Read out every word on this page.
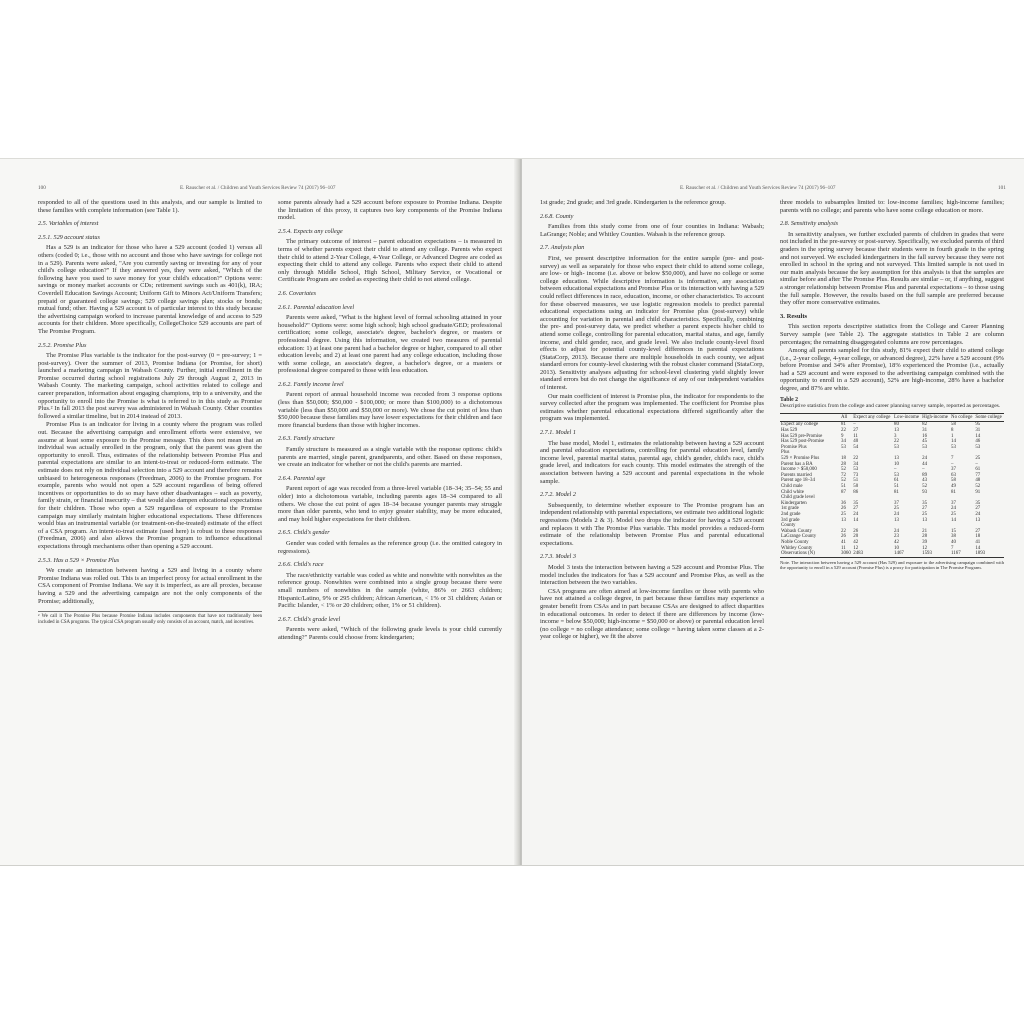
100	E. Rauscher et al. / Children and Youth Services Review 74 (2017) 96–107

responded to all of the questions used in this analysis, and our sample is limited to these families with complete information (see Table 1).

2.5. Variables of interest
2.5.1. 529 account status

Has a 529 is an indicator for those who have a 529 account (coded 1) versus all others (coded 0; i.e., those with no account and those who have savings for college not in a 529). Parents were asked, "Are you currently saving or investing for any of your child's college education?" If they answered yes, they were asked, "Which of the following have you used to save money for your child's education?" Options were: savings or money market accounts or CDs; retirement savings such as 401(k), IRA; Coverdell Education Savings Account; Uniform Gift to Minors Act/Uniform Transfers; prepaid or guaranteed college savings; 529 college savings plan; stocks or bonds; mutual fund; other. Having a 529 account is of particular interest to this study because the advertising campaign worked to increase parental knowledge of and access to 529 accounts for their children. More specifically, CollegeChoice 529 accounts are part of The Promise Program.

2.5.2. Promise Plus

The Promise Plus variable is the indicator for the post-survey (0 = pre-survey; 1 = post-survey). Over the summer of 2013, Promise Indiana (or Promise, for short) launched a marketing campaign in Wabash County. Further, initial enrollment in the Promise occurred during school registrations July 29 through August 2, 2013 in Wabash County. The marketing campaign, school activities related to college and career preparation, information about engaging champions, trip to a university, and the opportunity to enroll into the Promise is what is referred to in this study as Promise Plus.² In fall 2013 the post survey was administered in Wabash County. Other counties followed a similar timeline, but in 2014 instead of 2013.

Promise Plus is an indicator for living in a county where the program was rolled out. Because the advertising campaign and enrollment efforts were extensive, we assume at least some exposure to the Promise message. This does not mean that an individual was actually enrolled in the program, only that the parent was given the opportunity to enroll. Thus, estimates of the relationship between Promise Plus and parental expectations are similar to an intent-to-treat or reduced-form estimate. The estimate does not rely on individual selection into a 529 account and therefore remains unbiased to heterogeneous responses (Freedman, 2006) to the Promise program. For example, parents who would not open a 529 account regardless of being offered incentives or opportunities to do so may have other disadvantages – such as poverty, family strain, or financial insecurity – that would also dampen educational expectations for their children. Those who open a 529 regardless of exposure to the Promise campaign may similarly maintain higher educational expectations. These differences would bias an instrumental variable (or treatment-on-the-treated) estimate of the effect of a CSA program. An intent-to-treat estimate (used here) is robust to these responses (Freedman, 2006) and also allows the Promise program to influence educational expectations through mechanisms other than opening a 529 account.

2.5.3. Has a 529 × Promise Plus

We create an interaction between having a 529 and living in a county where Promise Indiana was rolled out. This is an imperfect proxy for actual enrollment in the CSA component of Promise Indiana. We say it is imperfect, as are all proxies, because having a 529 and the advertising campaign are not the only components of the Promise; additionally,

² We call it The Promise Plus because Promise Indiana includes components that have not traditionally been included in CSA programs. The typical CSA program usually only consists of an account, match, and incentives.

some parents already had a 529 account before exposure to Promise Indiana. Despite the limitation of this proxy, it captures two key components of the Promise Indiana model.

2.5.4. Expects any college

The primary outcome of interest – parent education expectations – is measured in terms of whether parents expect their child to attend any college. Parents who expect their child to attend 2-Year College, 4-Year College, or Advanced Degree are coded as expecting their child to attend any college. Parents who expect their child to attend only through Middle School, High School, Military Service, or Vocational or Certificate Program are coded as expecting their child to not attend college.

2.6. Covariates
2.6.1. Parental education level

Parents were asked, "What is the highest level of formal schooling attained in your household?" Options were: some high school; high school graduate/GED; professional certification; some college, associate's degree, bachelor's degree, or masters or professional degree. Using this information, we created two measures of parental education: 1) at least one parent had a bachelor degree or higher, compared to all other education levels; and 2) at least one parent had any college education, including those with some college, an associate's degree, a bachelor's degree, or a masters or professional degree compared to those with less education.

2.6.2. Family income level

Parent report of annual household income was recoded from 3 response options (less than $50,000; $50,000 - $100,000; or more than $100,000) to a dichotomous variable (less than $50,000 and $50,000 or more). We chose the cut point of less than $50,000 because these families may have lower expectations for their children and face more financial burdens than those with higher incomes.

2.6.3. Family structure

Family structure is measured as a single variable with the response options: child's parents are married, single parent, grandparents, and other. Based on these responses, we create an indicator for whether or not the child's parents are married.

2.6.4. Parental age

Parent report of age was recoded from a three-level variable (18–34; 35–54; 55 and older) into a dichotomous variable, including parents ages 18–34 compared to all others. We chose the cut point of ages 18–34 because younger parents may struggle more than older parents, who tend to enjoy greater stability, may be more educated, and may hold higher expectations for their children.

2.6.5. Child's gender

Gender was coded with females as the reference group (i.e. the omitted category in regressions).

2.6.6. Child's race

The race/ethnicity variable was coded as white and nonwhite with nonwhites as the reference group. Nonwhites were combined into a single group because there were small numbers of nonwhites in the sample (white, 86% or 2663 children; Hispanic/Latino, 9% or 295 children; African American, < 1% or 31 children; Asian or Pacific Islander, < 1% or 20 children; other, 1% or 51 children).

2.6.7. Child's grade level

Parents were asked, "Which of the following grade levels is your child currently attending?" Parents could choose from: kindergarten;

E. Rauscher et al. / Children and Youth Services Review 74 (2017) 96–107	101

1st grade; 2nd grade; and 3rd grade. Kindergarten is the reference group.

2.6.8. County

Families from this study come from one of four counties in Indiana: Wabash; LaGrange; Noble; and Whitley Counties. Wabash is the reference group.

2.7. Analysis plan

First, we present descriptive information for the entire sample (pre- and post-survey) as well as separately for those who expect their child to attend some college, are low- or high- income (i.e. above or below $50,000), and have no college or some college education. While descriptive information is informative, any association between educational expectations and Promise Plus or its interaction with having a 529 could reflect differences in race, education, income, or other characteristics. To account for these observed measures, we use logistic regression models to predict parental educational expectations using an indicator for Promise plus (post-survey) while accounting for variation in parental and child characteristics. Specifically, combining the pre- and post-survey data, we predict whether a parent expects his/her child to attend some college, controlling for parental education, marital status, and age, family income, and child gender, race, and grade level. We also include county-level fixed effects to adjust for potential county-level differences in parental expectations (StataCorp, 2013). Because there are multiple households in each county, we adjust standard errors for county-level clustering with the robust cluster command (StataCorp, 2013). Sensitivity analyses adjusting for school-level clustering yield slightly lower standard errors but do not change the significance of any of our independent variables of interest.

Our main coefficient of interest is Promise plus, the indicator for respondents to the survey collected after the program was implemented. The coefficient for Promise plus estimates whether parental educational expectations differed significantly after the program was implemented.

2.7.1. Model 1

The base model, Model 1, estimates the relationship between having a 529 account and parental education expectations, controlling for parental education level, family income level, parental marital status, parental age, child's gender, child's race, child's grade level, and indicators for each county. This model estimates the strength of the association between having a 529 account and parental expectations in the whole sample.

2.7.2. Model 2

Subsequently, to determine whether exposure to The Promise program has an independent relationship with parental expectations, we estimate two additional logistic regressions (Models 2 & 3). Model two drops the indicator for having a 529 account and replaces it with The Promise Plus variable. This model provides a reduced-form estimate of the relationship between Promise Plus and parental educational expectations.

2.7.3. Model 3

Model 3 tests the interaction between having a 529 account and Promise Plus. The model includes the indicators for 'has a 529 account' and Promise Plus, as well as the interaction between the two variables.

CSA programs are often aimed at low-income families or those with parents who have not attained a college degree, in part because these families may experience a greater benefit from CSAs and in part because CSAs are designed to affect disparities in educational outcomes. In order to detect if there are differences by income (low-income = below $50,000; high-income = $50,000 or above) or parental education level (no college = no college attendance; some college = having taken some classes at a 2-year college or higher), we fit the above

three models to subsamples limited to: low-income families; high-income families; parents with no college; and parents who have some college education or more.

2.8. Sensitivity analysis

In sensitivity analyses, we further excluded parents of children in grades that were not included in the pre-survey or post-survey. Specifically, we excluded parents of third graders in the spring survey because their students were in fourth grade in the spring and not surveyed. We excluded kindergartners in the fall survey because they were not enrolled in school in the spring and not surveyed. This limited sample is not used in our main analysis because the key assumption for this analysis is that the samples are similar before and after The Promise Plus. Results are similar – or, if anything, suggest a stronger relationship between Promise Plus and parental expectations – to those using the full sample. However, the results based on the full sample are preferred because they offer more conservative estimates.

3. Results

This section reports descriptive statistics from the College and Career Planning Survey sample (see Table 2). The aggregate statistics in Table 2 are column percentages; the remaining disaggregated columns are row percentages.

Among all parents sampled for this study, 81% expect their child to attend college (i.e., 2-year college, 4-year college, or advanced degree), 22% have a 529 account (9% before Promise and 34% after Promise), 18% experienced the Promise (i.e., actually had a 529 account and were exposed to the advertising campaign combined with the opportunity to enroll in a 529 account), 52% are high-income, 28% have a bachelor degree, and 87% are white.

Table 2
Descriptive statistics from the college and career planning survey sample, reported as percentages.
	All	Expect any college	Low-income	High-income	No college	Some college
Expect any college	81	–	80	82	58	95
Has 529	22	27	13	31	8	31
Has 529 pre-Promise	9	11	3	16	1	14
Has 529 post-Promise	34	40	22	45	14	46
Promise Plus	53	54	53	53	53	53
Plus						
529 × Promise Plus	18	22	13	24	7	25
Parent has a BA	28	34	10	44	–	–
Income > $50,000	52	53	–	–	37	61
Parents married	72	73	53	89	63	77
Parent age 18–34	52	51	61	43	58	48
Child male	51	50	51	52	49	52
Child white	87	86	81	93	81	91
Child grade level						
Kindergarten	36	35	37	35	37	35
1st grade	26	27	25	27	24	27
2nd grade	25	24	24	25	25	24
3rd grade	13	14	13	13	14	13
County						
Wabash County	22	26	24	21	15	27
LaGrange County	26	20	23	28	38	18
Noble County	41	42	42	39	40	41
Whitley County	11	12	10	12	7	14
Observations (N)	3060	2483	1467	1593	1167	1893
Note. The interaction between having a 529 account (Has 529) and exposure to the advertising campaign combined with the opportunity to enroll in a 529 account (Promise Plus) is a proxy for participation in The Promise Program.
